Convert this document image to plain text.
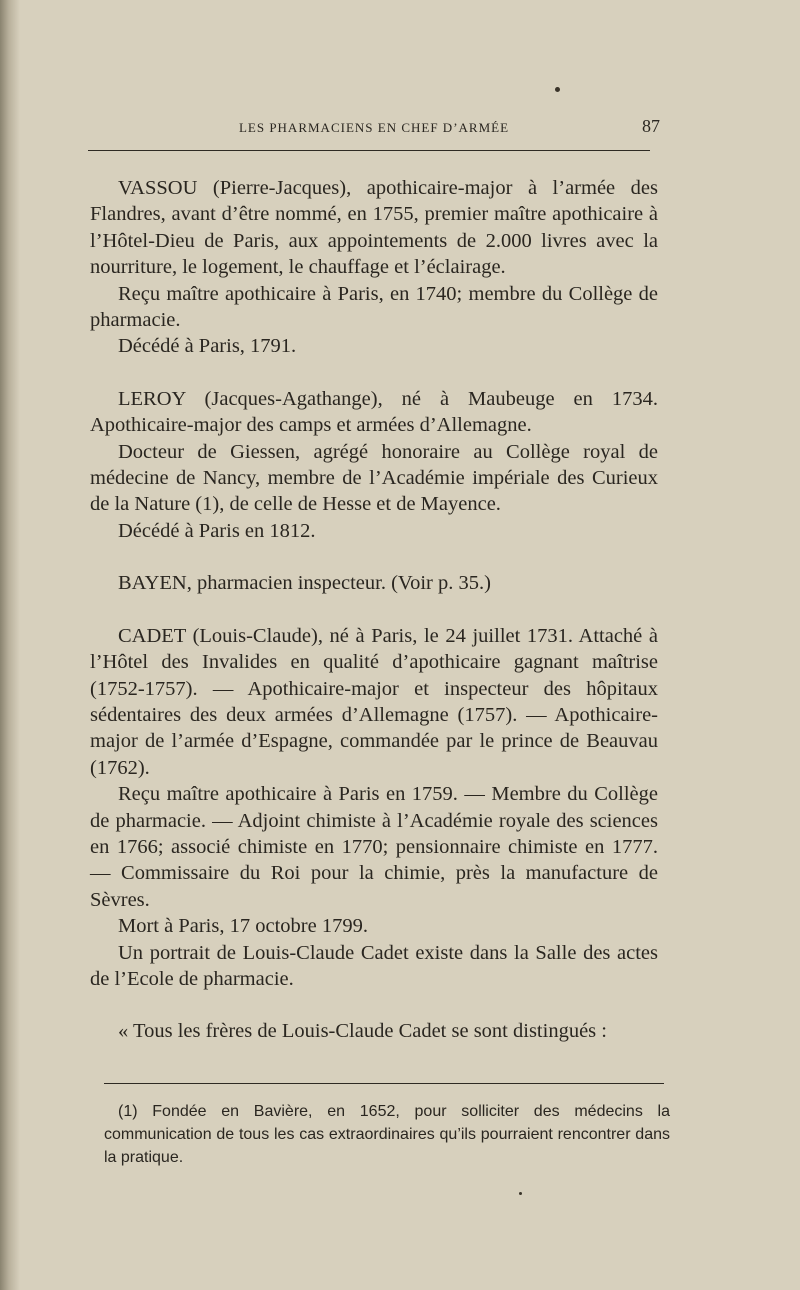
LES PHARMACIENS EN CHEF D’ARMÉE	87

VASSOU (Pierre-Jacques), apothicaire-major à l’armée des Flandres, avant d’être nommé, en 1755, premier maître apothicaire à l’Hôtel-Dieu de Paris, aux appointements de 2.000 livres avec la nourriture, le logement, le chauffage et l’éclairage.

Reçu maître apothicaire à Paris, en 1740; membre du Collège de pharmacie.

Décédé à Paris, 1791.

LEROY (Jacques-Agathange), né à Maubeuge en 1734. Apothicaire-major des camps et armées d’Allemagne.

Docteur de Giessen, agrégé honoraire au Collège royal de médecine de Nancy, membre de l’Académie impériale des Curieux de la Nature (1), de celle de Hesse et de Mayence.

Décédé à Paris en 1812.

BAYEN, pharmacien inspecteur. (Voir p. 35.)

CADET (Louis-Claude), né à Paris, le 24 juillet 1731. Attaché à l’Hôtel des Invalides en qualité d’apothicaire gagnant maîtrise (1752-1757). — Apothicaire-major et inspecteur des hôpitaux sédentaires des deux armées d’Allemagne (1757). — Apothicaire-major de l’armée d’Espagne, commandée par le prince de Beauvau (1762).

Reçu maître apothicaire à Paris en 1759. — Membre du Collège de pharmacie. — Adjoint chimiste à l’Académie royale des sciences en 1766; associé chimiste en 1770; pensionnaire chimiste en 1777. — Commissaire du Roi pour la chimie, près la manufacture de Sèvres.

Mort à Paris, 17 octobre 1799.

Un portrait de Louis-Claude Cadet existe dans la Salle des actes de l’Ecole de pharmacie.

« Tous les frères de Louis-Claude Cadet se sont distingués :

(1) Fondée en Bavière, en 1652, pour solliciter des médecins la communication de tous les cas extraordinaires qu’ils pourraient rencontrer dans la pratique.
